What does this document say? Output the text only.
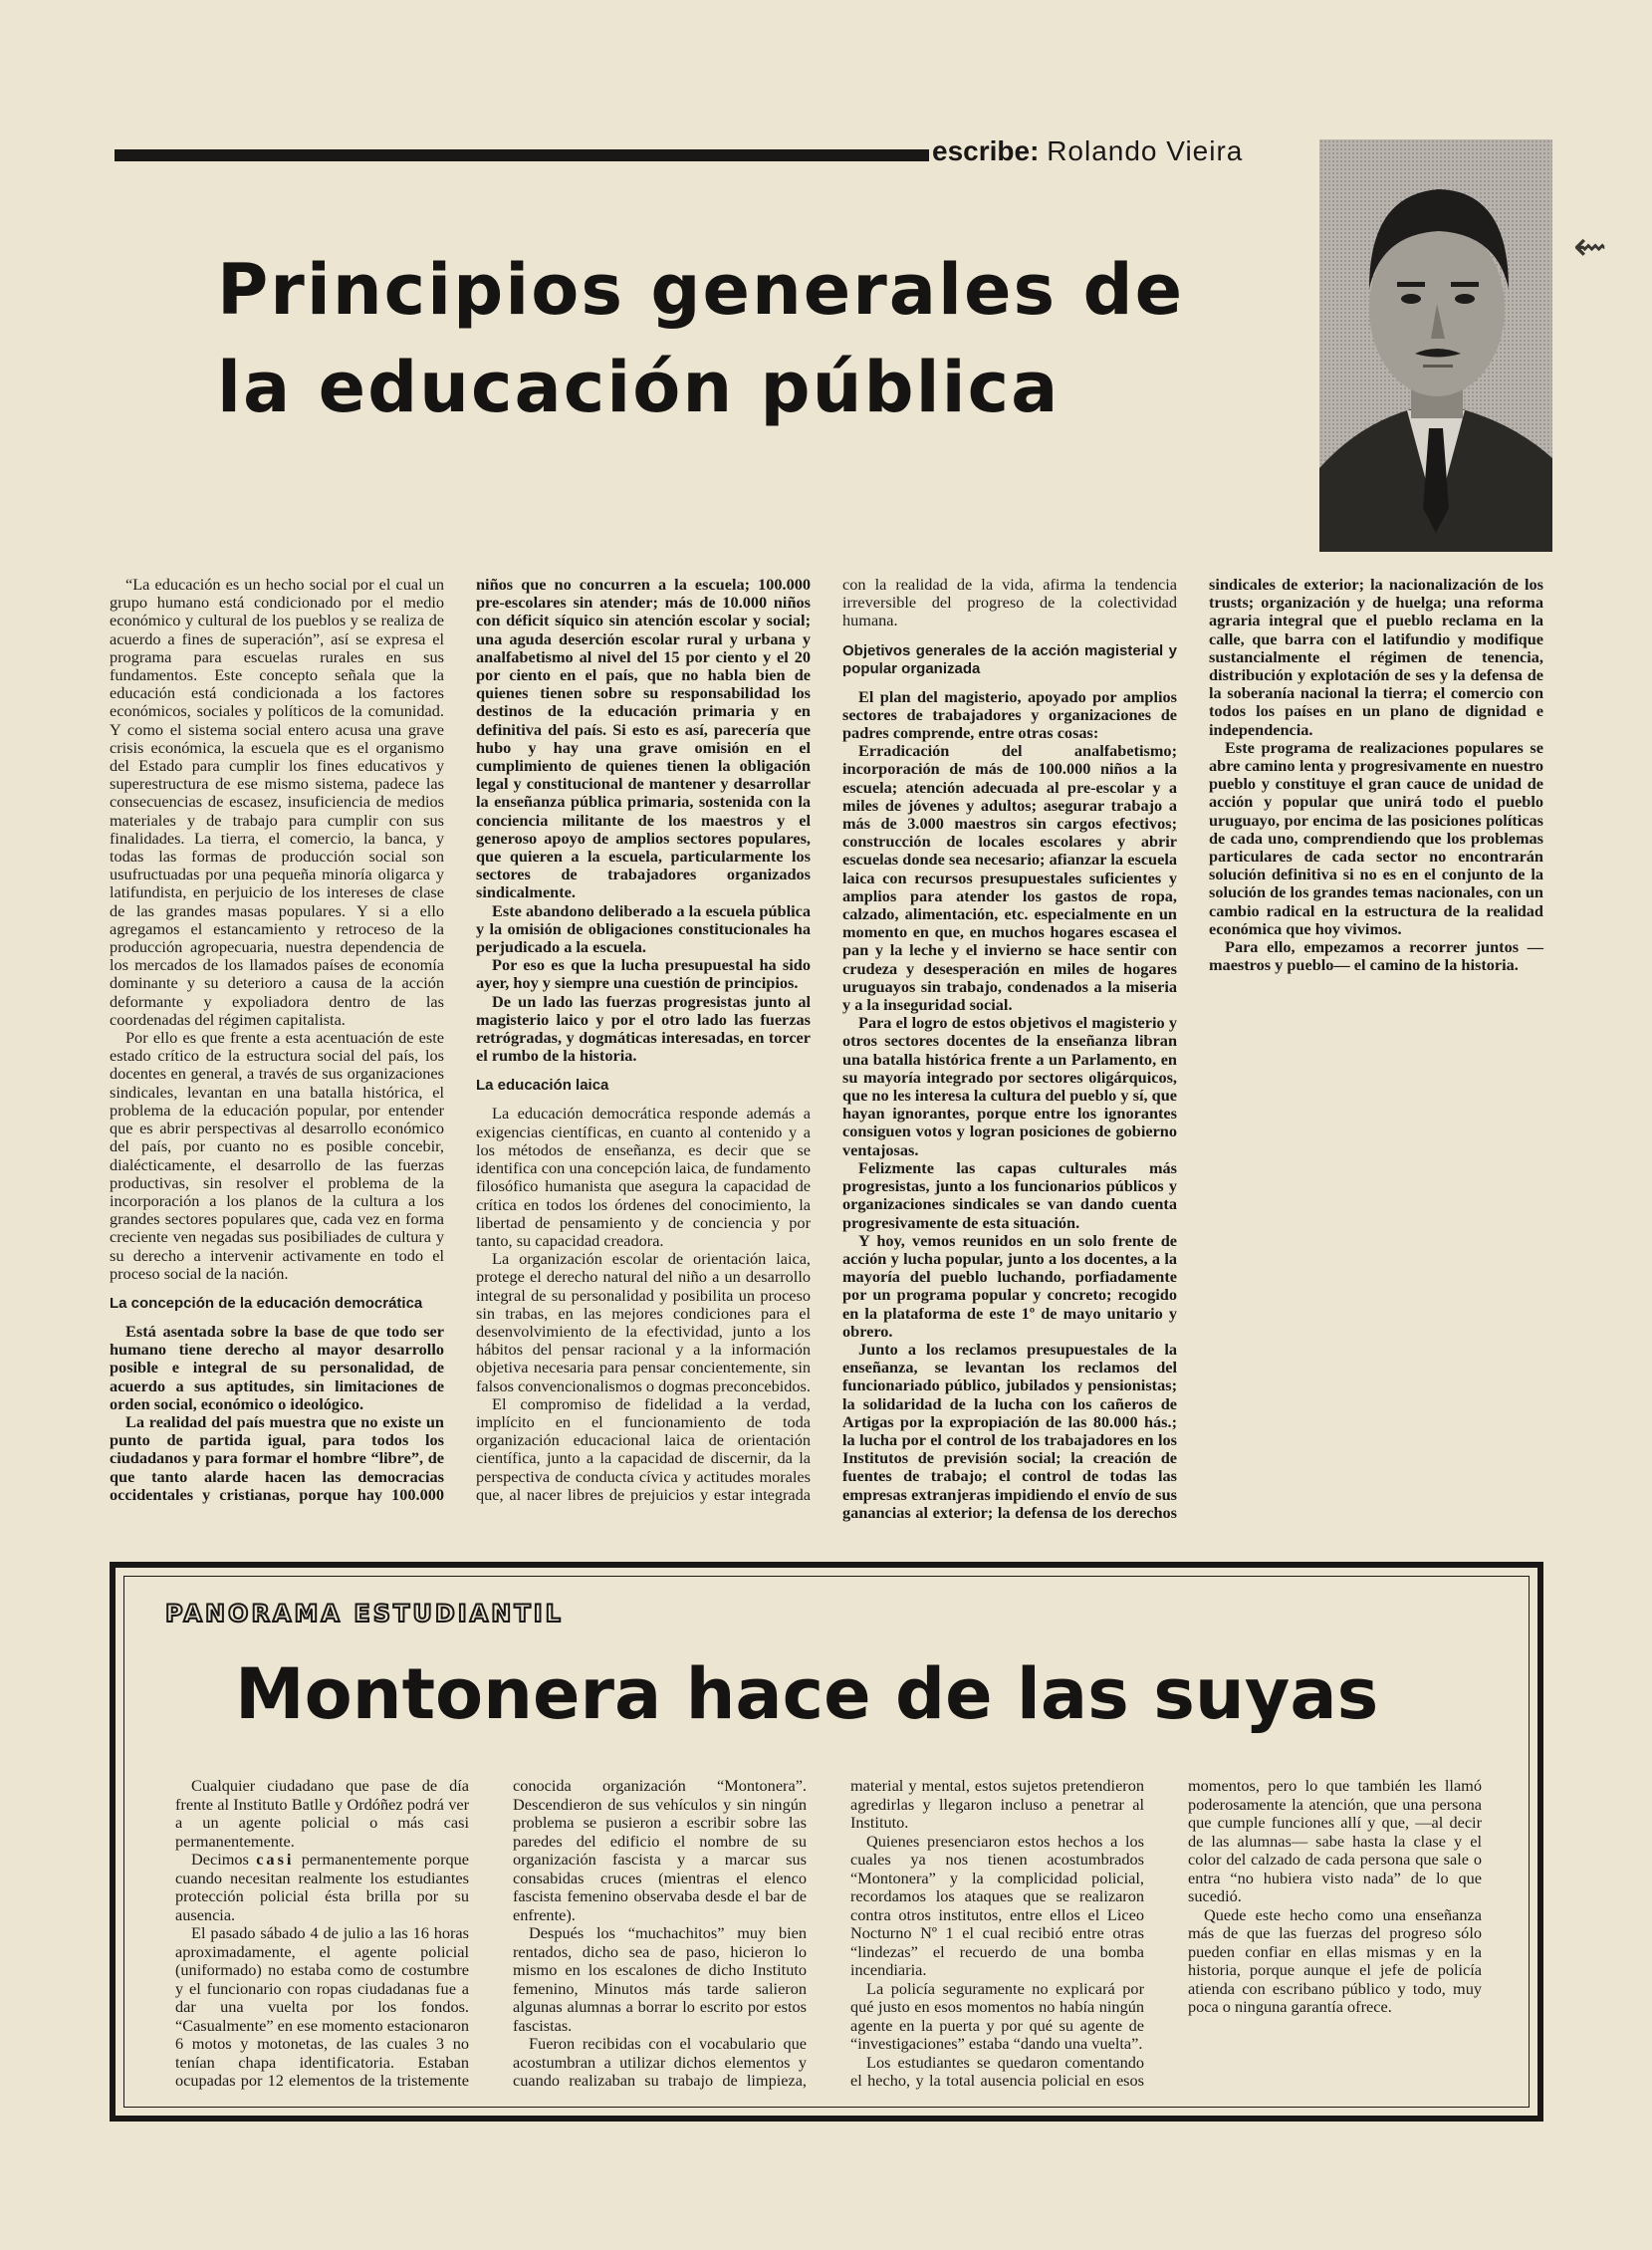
escribe: Rolando Vieira
⇜
Principios generales de
la educación pública

“La educación es un hecho social por el cual un grupo humano está condicionado por el medio económico y cultural de los pueblos y se realiza de acuerdo a fines de superación”, así se expresa el programa para escuelas rurales en sus fundamentos. Este concepto señala que la educación está condicionada a los factores económicos, sociales y políticos de la comunidad. Y como el sistema social entero acusa una grave crisis económica, la escuela que es el organismo del Estado para cumplir los fines educativos y superestructura de ese mismo sistema, padece las consecuencias de escasez, insuficiencia de medios materiales y de trabajo para cumplir con sus finalidades. La tierra, el comercio, la banca, y todas las formas de producción social son usufructuadas por una pequeña minoría oligarca y latifundista, en perjuicio de los intereses de clase de las grandes masas populares. Y si a ello agregamos el estancamiento y retroceso de la producción agropecuaria, nuestra dependencia de los mercados de los llamados países de economía dominante y su deterioro a causa de la acción deformante y expoliadora dentro de las coordenadas del régimen capitalista.

Por ello es que frente a esta acentuación de este estado crítico de la estructura social del país, los docentes en general, a través de sus organizaciones sindicales, levantan en una batalla histórica, el problema de la educación popular, por entender que es abrir perspectivas al desarrollo económico del país, por cuanto no es posible concebir, dialécticamente, el desarrollo de las fuerzas productivas, sin resolver el problema de la incorporación a los planos de la cultura a los grandes sectores populares que, cada vez en forma creciente ven negadas sus posibiliades de cultura y su derecho a intervenir activamente en todo el proceso social de la nación.

La concepción de la educación democrática

Está asentada sobre la base de que todo ser humano tiene derecho al mayor desarrollo posible e integral de su personalidad, de acuerdo a sus aptitudes, sin limitaciones de orden social, económico o ideológico.

La realidad del país muestra que no existe un punto de partida igual, para todos los ciudadanos y para formar el hombre “libre”, de que tanto alarde hacen las democracias occidentales y cristianas, porque hay 100.000 niños que no concurren a la escuela; 100.000 pre-escolares sin atender; más de 10.000 niños con déficit síquico sin atención escolar y social; una aguda deserción escolar rural y urbana y analfabetismo al nivel del 15 por ciento y el 20 por ciento en el país, que no habla bien de quienes tienen sobre su responsabilidad los destinos de la educación primaria y en definitiva del país. Si esto es así, parecería que hubo y hay una grave omisión en el cumplimiento de quienes tienen la obligación legal y constitucional de mantener y desarrollar la enseñanza pública primaria, sostenida con la conciencia militante de los maestros y el generoso apoyo de amplios sectores populares, que quieren a la escuela, particularmente los sectores de trabajadores organizados sindicalmente.

Este abandono deliberado a la escuela pública y la omisión de obligaciones constitucionales ha perjudicado a la escuela.

Por eso es que la lucha presupuestal ha sido ayer, hoy y siempre una cuestión de principios.

De un lado las fuerzas progresistas junto al magisterio laico y por el otro lado las fuerzas retrógradas, y dogmáticas interesadas, en torcer el rumbo de la historia.

La educación laica

La educación democrática responde además a exigencias científicas, en cuanto al contenido y a los métodos de enseñanza, es decir que se identifica con una concepción laica, de fundamento filosófico humanista que asegura la capacidad de crítica en todos los órdenes del conocimiento, la libertad de pensamiento y de conciencia y por tanto, su capacidad creadora.

La organización escolar de orientación laica, protege el derecho natural del niño a un desarrollo integral de su personalidad y posibilita un proceso sin trabas, en las mejores condiciones para el desenvolvimiento de la efectividad, junto a los hábitos del pensar racional y a la información objetiva necesaria para pensar concientemente, sin falsos convencionalismos o dogmas preconcebidos.

El compromiso de fidelidad a la verdad, implícito en el funcionamiento de toda organización educacional laica de orientación científica, junto a la capacidad de discernir, da la perspectiva de conducta cívica y actitudes morales que, al nacer libres de prejuicios y estar integrada con la realidad de la vida, afirma la tendencia irreversible del progreso de la colectividad humana.

Objetivos generales de la acción magisterial y popular organizada

El plan del magisterio, apoyado por amplios sectores de trabajadores y organizaciones de padres comprende, entre otras cosas:

Erradicación del analfabetismo; incorporación de más de 100.000 niños a la escuela; atención adecuada al pre-escolar y a miles de jóvenes y adultos; asegurar trabajo a más de 3.000 maestros sin cargos efectivos; construcción de locales escolares y abrir escuelas donde sea necesario; afianzar la escuela laica con recursos presupuestales suficientes y amplios para atender los gastos de ropa, calzado, alimentación, etc. especialmente en un momento en que, en muchos hogares escasea el pan y la leche y el invierno se hace sentir con crudeza y desesperación en miles de hogares uruguayos sin trabajo, condenados a la miseria y a la inseguridad social.

Para el logro de estos objetivos el magisterio y otros sectores docentes de la enseñanza libran una batalla histórica frente a un Parlamento, en su mayoría integrado por sectores oligárquicos, que no les interesa la cultura del pueblo y sí, que hayan ignorantes, porque entre los ignorantes consiguen votos y logran posiciones de gobierno ventajosas.

Felizmente las capas culturales más progresistas, junto a los funcionarios públicos y organizaciones sindicales se van dando cuenta progresivamente de esta situación.

Y hoy, vemos reunidos en un solo frente de acción y lucha popular, junto a los docentes, a la mayoría del pueblo luchando, porfiadamente por un programa popular y concreto; recogido en la plataforma de este 1º de mayo unitario y obrero.

Junto a los reclamos presupuestales de la enseñanza, se levantan los reclamos del funcionariado público, jubilados y pensionistas; la solidaridad de la lucha con los cañeros de Artigas por la expropiación de las 80.000 hás.; la lucha por el control de los trabajadores en los Institutos de previsión social; la creación de fuentes de trabajo; el control de todas las empresas extranjeras impidiendo el envío de sus ganancias al exterior; la defensa de los derechos sindicales de exterior; la nacionalización de los trusts; organización y de huelga; una reforma agraria integral que el pueblo reclama en la calle, que barra con el latifundio y modifique sustancialmente el régimen de tenencia, distribución y explotación de ses y la defensa de la soberanía nacional la tierra; el comercio con todos los países en un plano de dignidad e independencia.

Este programa de realizaciones populares se abre camino lenta y progresivamente en nuestro pueblo y constituye el gran cauce de unidad de acción y popular que unirá todo el pueblo uruguayo, por encima de las posiciones políticas de cada uno, comprendiendo que los problemas particulares de cada sector no encontrarán solución definitiva si no es en el conjunto de la solución de los grandes temas nacionales, con un cambio radical en la estructura de la realidad económica que hoy vivimos.

Para ello, empezamos a recorrer juntos —maestros y pueblo— el camino de la historia.

PANORAMA ESTUDIANTIL
Montonera hace de las suyas

Cualquier ciudadano que pase de día frente al Instituto Batlle y Ordóñez podrá ver a un agente policial o más casi permanentemente.

Decimos casi permanentemente porque cuando necesitan realmente los estudiantes protección policial ésta brilla por su ausencia.

El pasado sábado 4 de julio a las 16 horas aproximadamente, el agente policial (uniformado) no estaba como de costumbre y el funcionario con ropas ciudadanas fue a dar una vuelta por los fondos. “Casualmente” en ese momento estacionaron 6 motos y motonetas, de las cuales 3 no tenían chapa identificatoria. Estaban ocupadas por 12 elementos de la tristemente conocida organización “Montonera”. Descendieron de sus vehículos y sin ningún problema se pusieron a escribir sobre las paredes del edificio el nombre de su organización fascista y a marcar sus consabidas cruces (mientras el elenco fascista femenino observaba desde el bar de enfrente).

Después los “muchachitos” muy bien rentados, dicho sea de paso, hicieron lo mismo en los escalones de dicho Instituto femenino, Minutos más tarde salieron algunas alumnas a borrar lo escrito por estos fascistas.

Fueron recibidas con el vocabulario que acostumbran a utilizar dichos elementos y cuando realizaban su trabajo de limpieza, material y mental, estos sujetos pretendieron agredirlas y llegaron incluso a penetrar al Instituto.

Quienes presenciaron estos hechos a los cuales ya nos tienen acostumbrados “Montonera” y la complicidad policial, recordamos los ataques que se realizaron contra otros institutos, entre ellos el Liceo Nocturno Nº 1 el cual recibió entre otras “lindezas” el recuerdo de una bomba incendiaria.

La policía seguramente no explicará por qué justo en esos momentos no había ningún agente en la puerta y por qué su agente de “investigaciones” estaba “dando una vuelta”.

Los estudiantes se quedaron comentando el hecho, y la total ausencia policial en esos momentos, pero lo que también les llamó poderosamente la atención, que una persona que cumple funciones allí y que, —al decir de las alumnas— sabe hasta la clase y el color del calzado de cada persona que sale o entra “no hubiera visto nada” de lo que sucedió.

Quede este hecho como una enseñanza más de que las fuerzas del progreso sólo pueden confiar en ellas mismas y en la historia, porque aunque el jefe de policía atienda con escribano público y todo, muy poca o ninguna garantía ofrece.
